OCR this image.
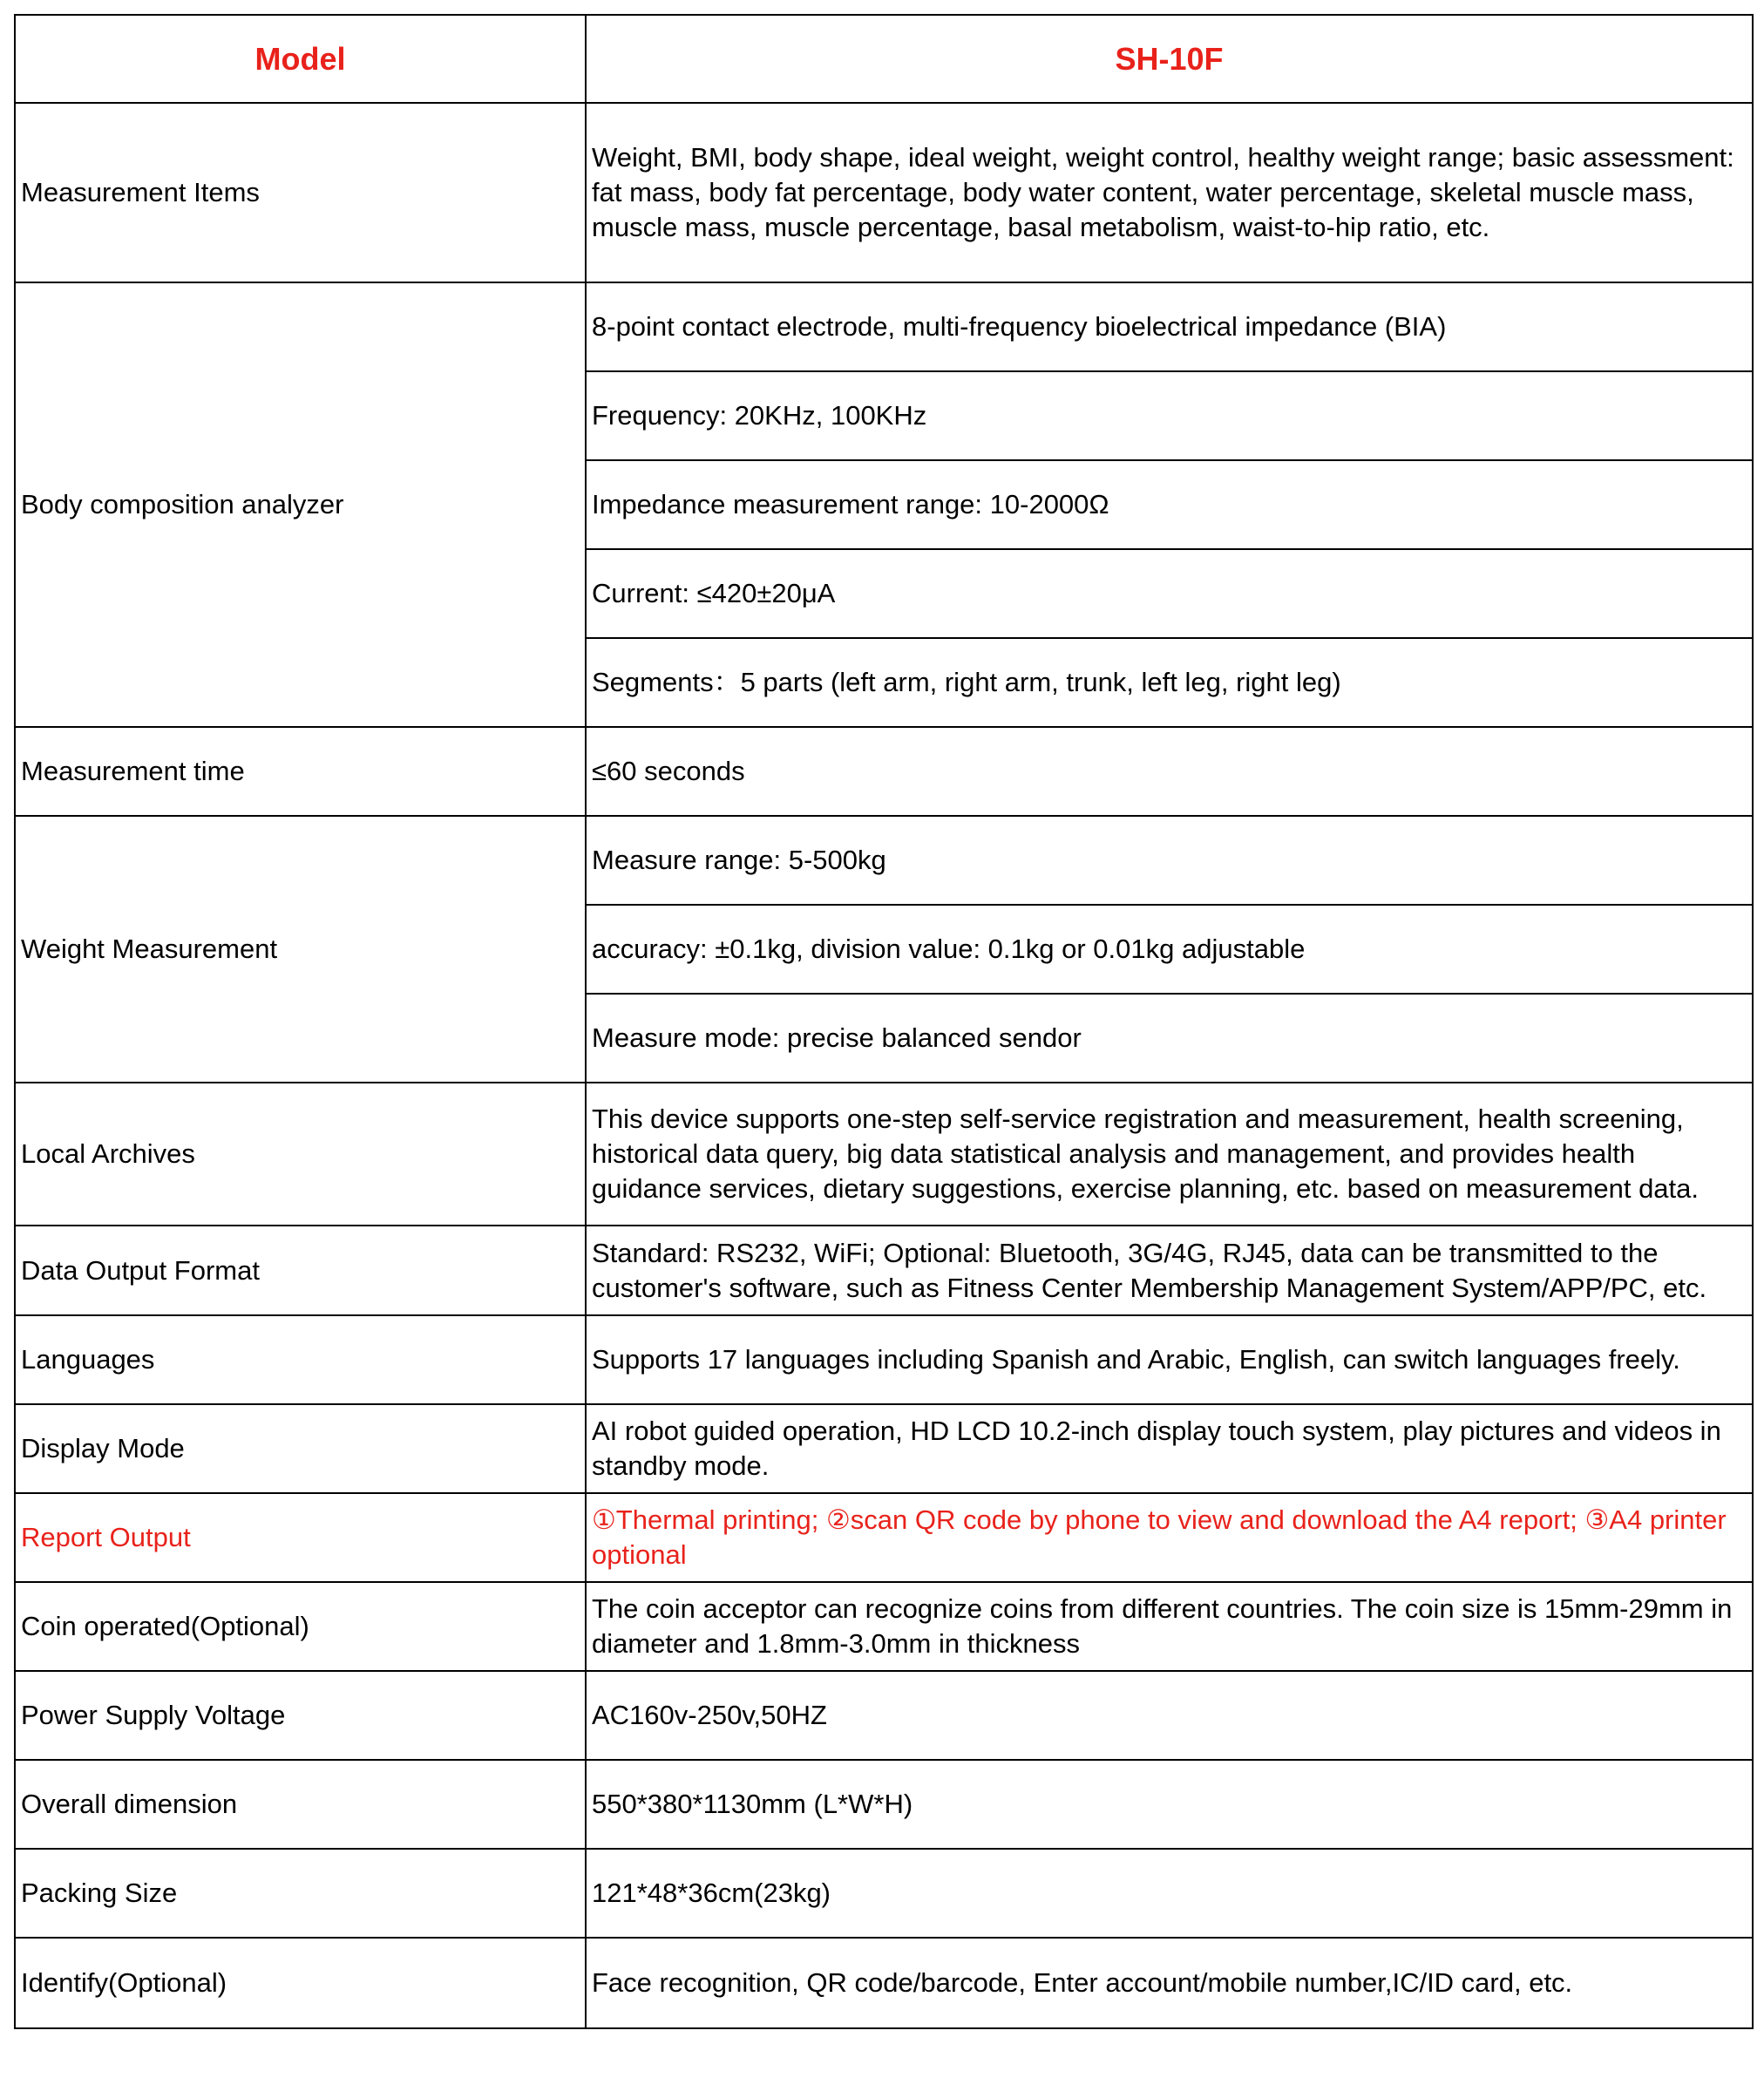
Model	SH-10F
Measurement Items	Weight, BMI, body shape, ideal weight, weight control, healthy weight range; basic assessment: fat mass, body fat percentage, body water content, water percentage, skeletal muscle mass, muscle mass, muscle percentage, basal metabolism, waist-to-hip ratio, etc.
Body composition analyzer	8-point contact electrode, multi-frequency bioelectrical impedance (BIA)
	Frequency: 20KHz, 100KHz
	Impedance measurement range: 10-2000Ω
	Current: ≤420±20μA
	Segments：5 parts (left arm, right arm, trunk, left leg, right leg)
Measurement time	≤60 seconds
Weight Measurement	Measure range: 5-500kg
	accuracy: ±0.1kg, division value: 0.1kg or 0.01kg adjustable
	Measure mode: precise balanced sendor
Local Archives	This device supports one-step self-service registration and measurement, health screening, historical data query, big data statistical analysis and management, and provides health guidance services, dietary suggestions, exercise planning, etc. based on measurement data.
Data Output Format	Standard: RS232, WiFi; Optional: Bluetooth, 3G/4G, RJ45, data can be transmitted to the customer's software, such as Fitness Center Membership Management System/APP/PC, etc.
Languages	Supports 17 languages including Spanish and Arabic, English, can switch languages freely.
Display Mode	AI robot guided operation, HD LCD 10.2-inch display touch system, play pictures and videos in standby mode.
Report Output	①Thermal printing; ②scan QR code by phone to view and download the A4 report; ③A4 printer optional
Coin operated(Optional)	The coin acceptor can recognize coins from different countries. The coin size is 15mm-29mm in diameter and 1.8mm-3.0mm in thickness
Power Supply Voltage	AC160v-250v,50HZ
Overall dimension	550*380*1130mm (L*W*H)
Packing Size	121*48*36cm(23kg)
Identify(Optional)	Face recognition, QR code/barcode, Enter account/mobile number,IC/ID card, etc.
